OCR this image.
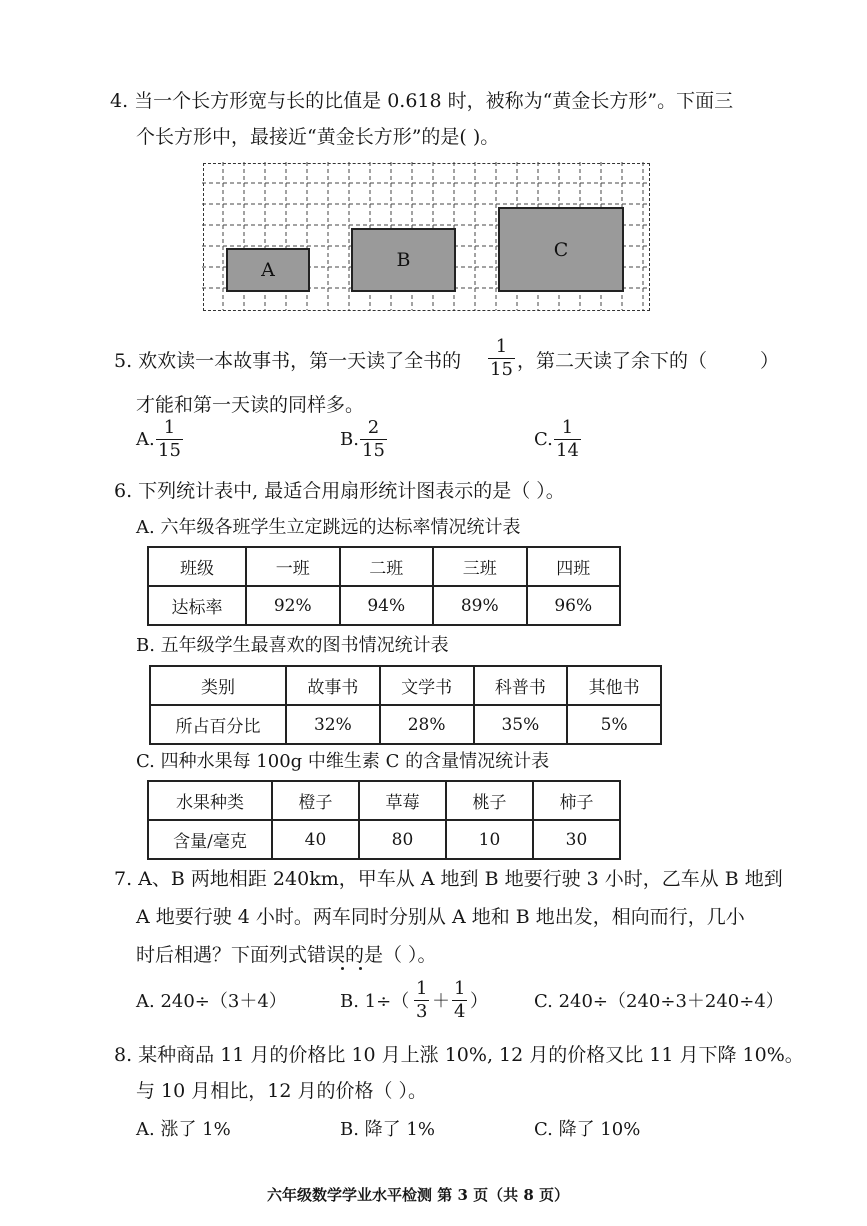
4. 当一个长方形宽与长的比值是 0.618 时，被称为“黄金长方形”。下面三
个长方形中，最接近“黄金长方形”的是( )。
A	B	C
5. 欢欢读一本故事书，第一天读了全书的
1
15 ，第二天读了余下的（	）
才能和第一天读的同样多。
A.
1
15
B.
2
15
C.
1
14
6. 下列统计表中, 最适合用扇形统计图表示的是（ ）。
A. 六年级各班学生立定跳远的达标率情况统计表
班级	一班	二班	三班	四班
达标率	92%	94%	89%	96%
B. 五年级学生最喜欢的图书情况统计表
类别	故事书	文学书	科普书	其他书
所占百分比	32%	28%	35%	5%
C. 四种水果每 100g 中维生素 C 的含量情况统计表
水果种类	橙子	草莓	桃子	柿子
含量/毫克	40	80	10	30
7. A、B 两地相距 240km，甲车从 A 地到 B 地要行驶 3 小时，乙车从 B 地到
A 地要行驶 4 小时。两车同时分别从 A 地和 B 地出发，相向而行，几小
时后相遇？下面列式错误的是（ ）。
A. 240÷（3＋4）	B. 1÷（
1
3 ＋
1
4 ）	C. 240÷（240÷3＋240÷4）
8. 某种商品 11 月的价格比 10 月上涨 10%, 12 月的价格又比 11 月下降 10%。
与 10 月相比，12 月的价格（ ）。
A. 涨了 1%	B. 降了 1%	C. 降了 10%
六年级数学学业水平检测 第 3 页（共 8 页）
